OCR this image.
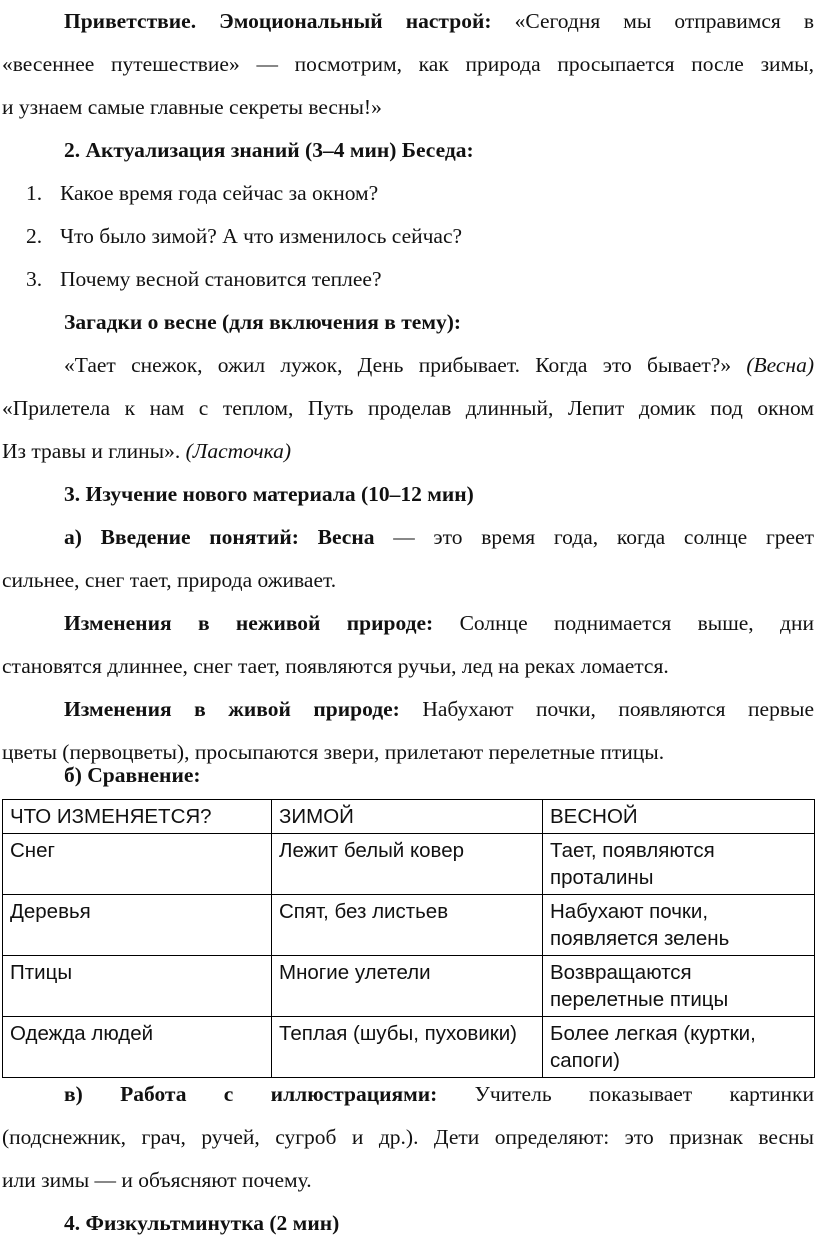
Приветствие. Эмоциональный настрой: «Сегодня мы отправимся в
«весеннее путешествие» — посмотрим, как природа просыпается после зимы,
и узнаем самые главные секреты весны!»
2. Актуализация знаний (3–4 мин) Беседа:
1. Какое время года сейчас за окном?
2. Что было зимой? А что изменилось сейчас?
3. Почему весной становится теплее?
Загадки о весне (для включения в тему):
«Тает снежок, ожил лужок, День прибывает. Когда это бывает?» (Весна)
«Прилетела к нам с теплом, Путь проделав длинный, Лепит домик под окном
Из травы и глины». (Ласточка)
3. Изучение нового материала (10–12 мин)
а) Введение понятий: Весна — это время года, когда солнце греет
сильнее, снег тает, природа оживает.
Изменения в неживой природе: Солнце поднимается выше, дни
становятся длиннее, снег тает, появляются ручьи, лед на реках ломается.
Изменения в живой природе: Набухают почки, появляются первые
цветы (первоцветы), просыпаются звери, прилетают перелетные птицы.
б) Сравнение:
ЧТО ИЗМЕНЯЕТСЯ?	ЗИМОЙ	ВЕСНОЙ
Снег	Лежит белый ковер	Тает, появляются проталины
Деревья	Спят, без листьев	Набухают почки, появляется зелень
Птицы	Многие улетели	Возвращаются перелетные птицы
Одежда людей	Теплая (шубы, пуховики)	Более легкая (куртки, сапоги)
в) Работа с иллюстрациями: Учитель показывает картинки
(подснежник, грач, ручей, сугроб и др.). Дети определяют: это признак весны
или зимы — и объясняют почему.
4. Физкультминутка (2 мин)
